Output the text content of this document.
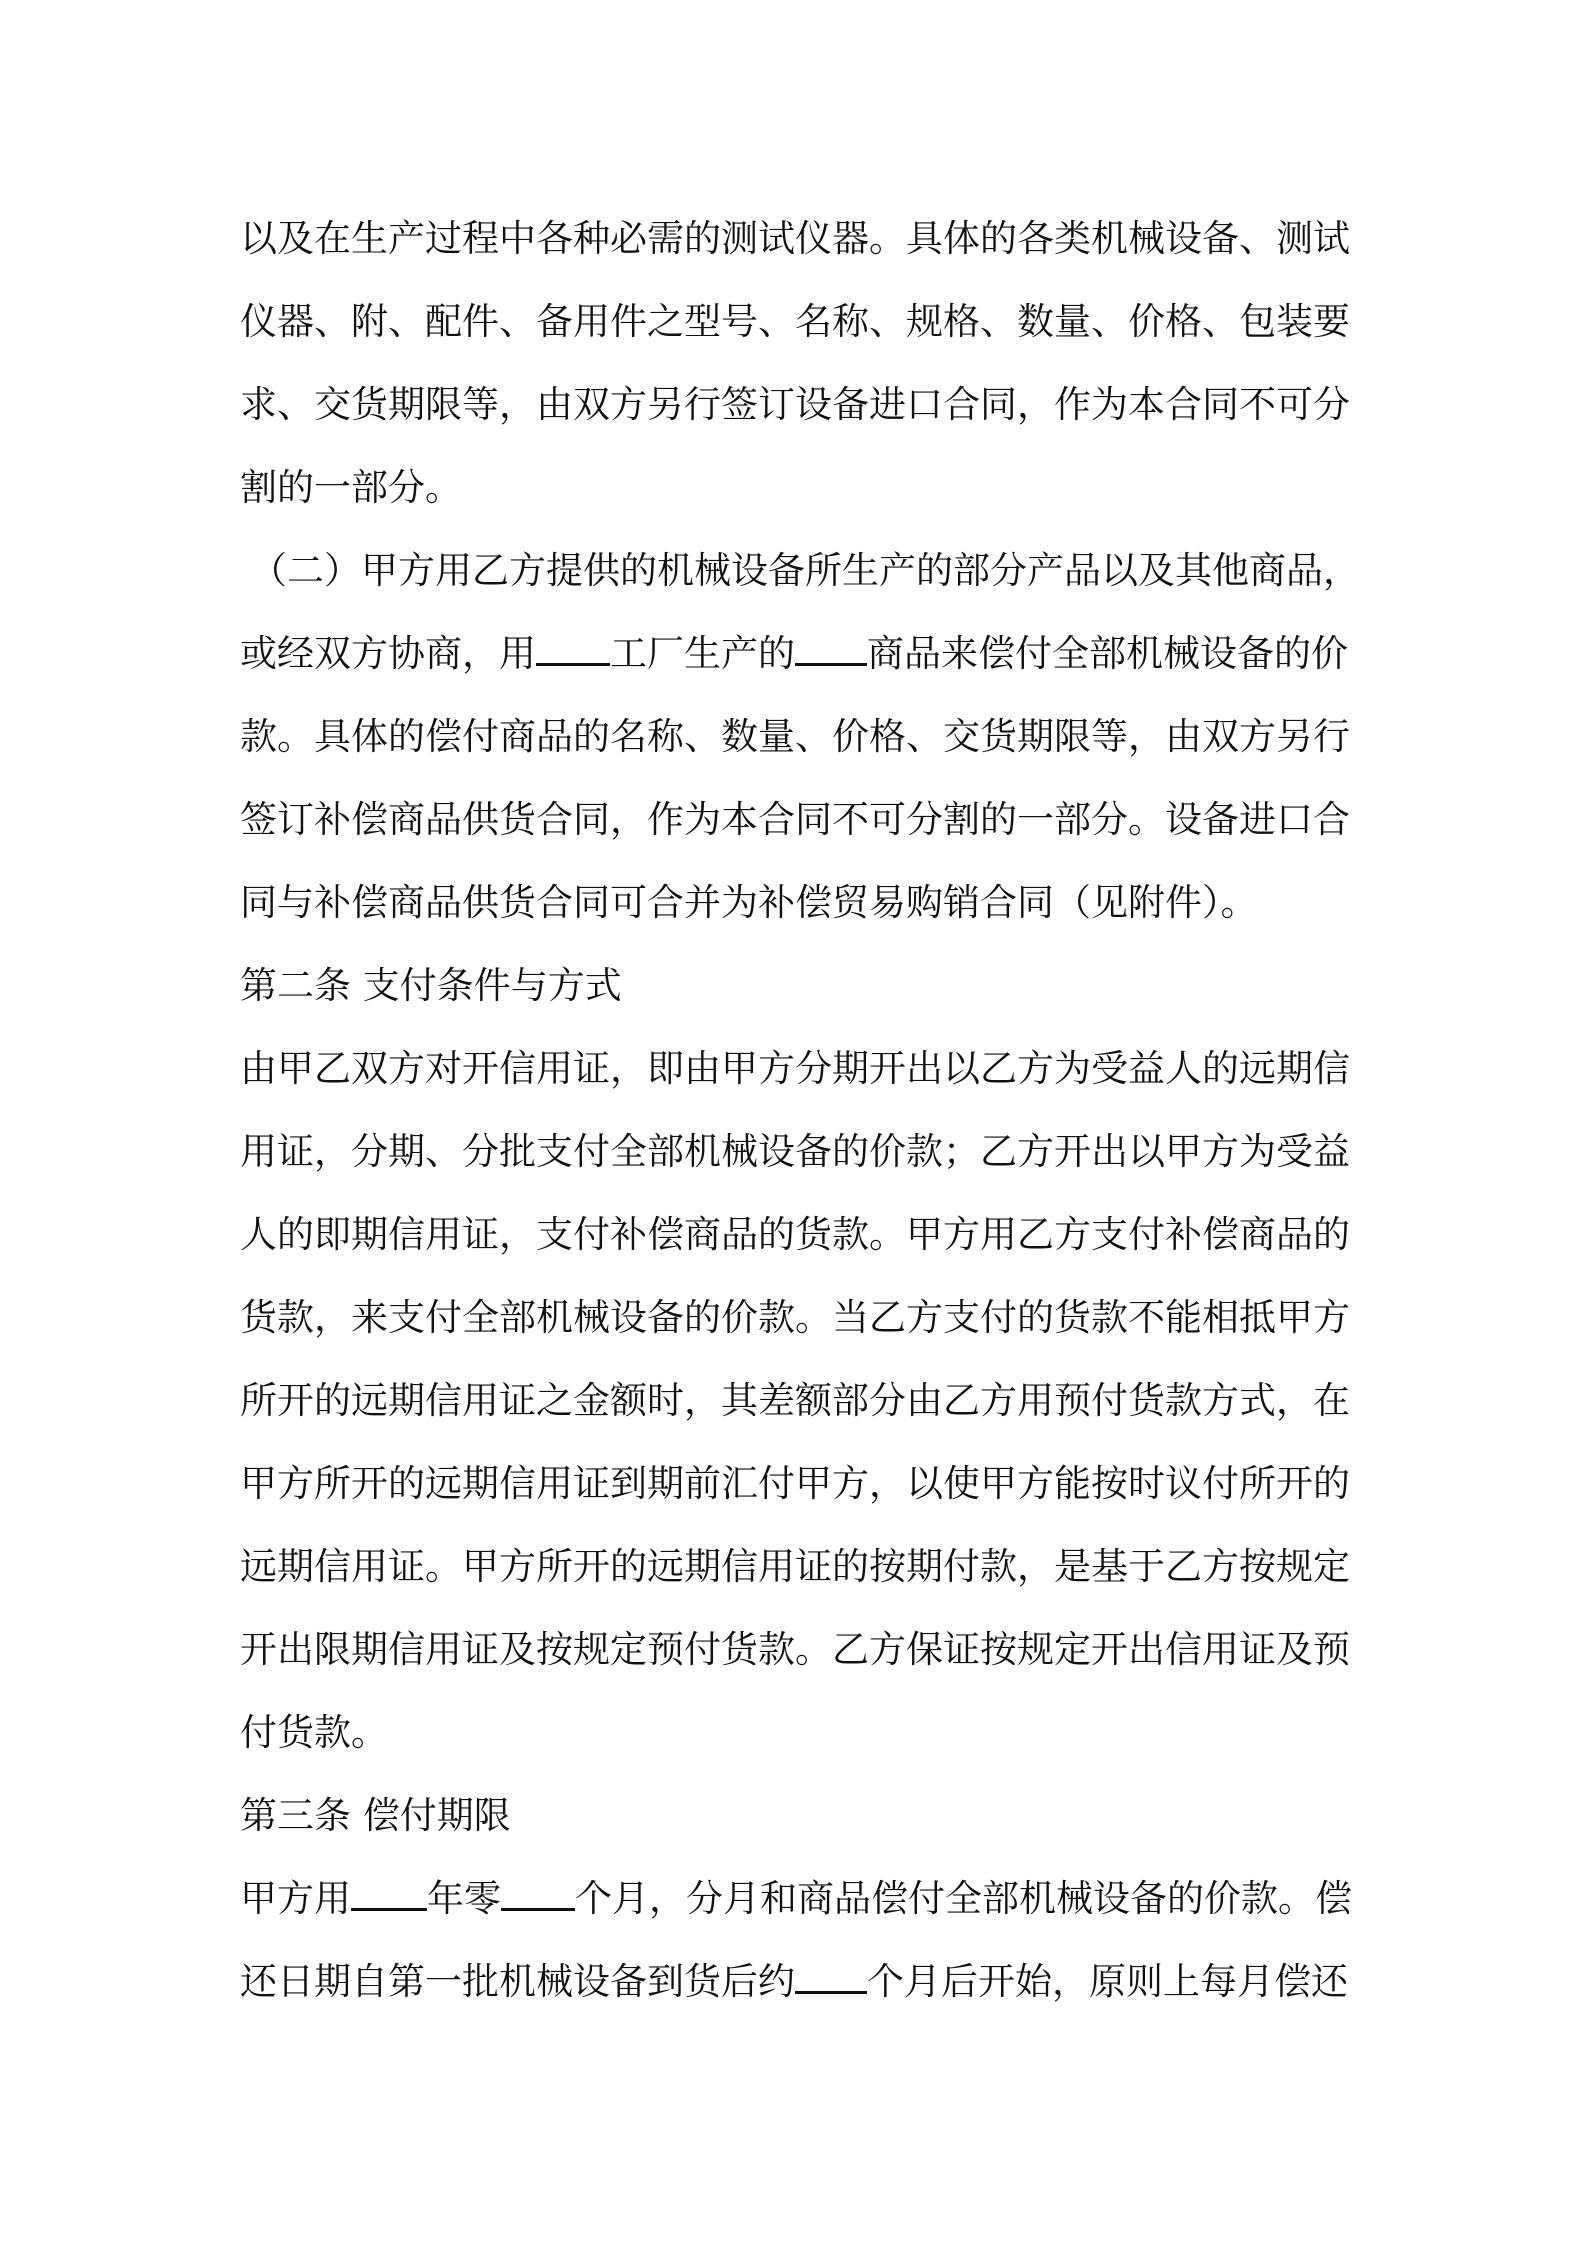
以及在生产过程中各种必需的测试仪器。具体的各类机械设备、测试
仪器、附、配件、备用件之型号、名称、规格、数量、价格、包装要
求、交货期限等，由双方另行签订设备进口合同，作为本合同不可分
割的一部分。
（二）甲方用乙方提供的机械设备所生产的部分产品以及其他商品，
或经双方协商，用 工厂生产的 商品来偿付全部机械设备的价
款。具体的偿付商品的名称、数量、价格、交货期限等，由双方另行
签订补偿商品供货合同，作为本合同不可分割的一部分。设备进口合
同与补偿商品供货合同可合并为补偿贸易购销合同（见附件）。
第二条 支付条件与方式
由甲乙双方对开信用证，即由甲方分期开出以乙方为受益人的远期信
用证，分期、分批支付全部机械设备的价款；乙方开出以甲方为受益
人的即期信用证，支付补偿商品的货款。甲方用乙方支付补偿商品的
货款，来支付全部机械设备的价款。当乙方支付的货款不能相抵甲方
所开的远期信用证之金额时，其差额部分由乙方用预付货款方式，在
甲方所开的远期信用证到期前汇付甲方，以使甲方能按时议付所开的
远期信用证。甲方所开的远期信用证的按期付款，是基于乙方按规定
开出限期信用证及按规定预付货款。乙方保证按规定开出信用证及预
付货款。
第三条 偿付期限
甲方用 年零 个月，分月和商品偿付全部机械设备的价款。偿
还日期自第一批机械设备到货后约 个月后开始，原则上每月偿还
